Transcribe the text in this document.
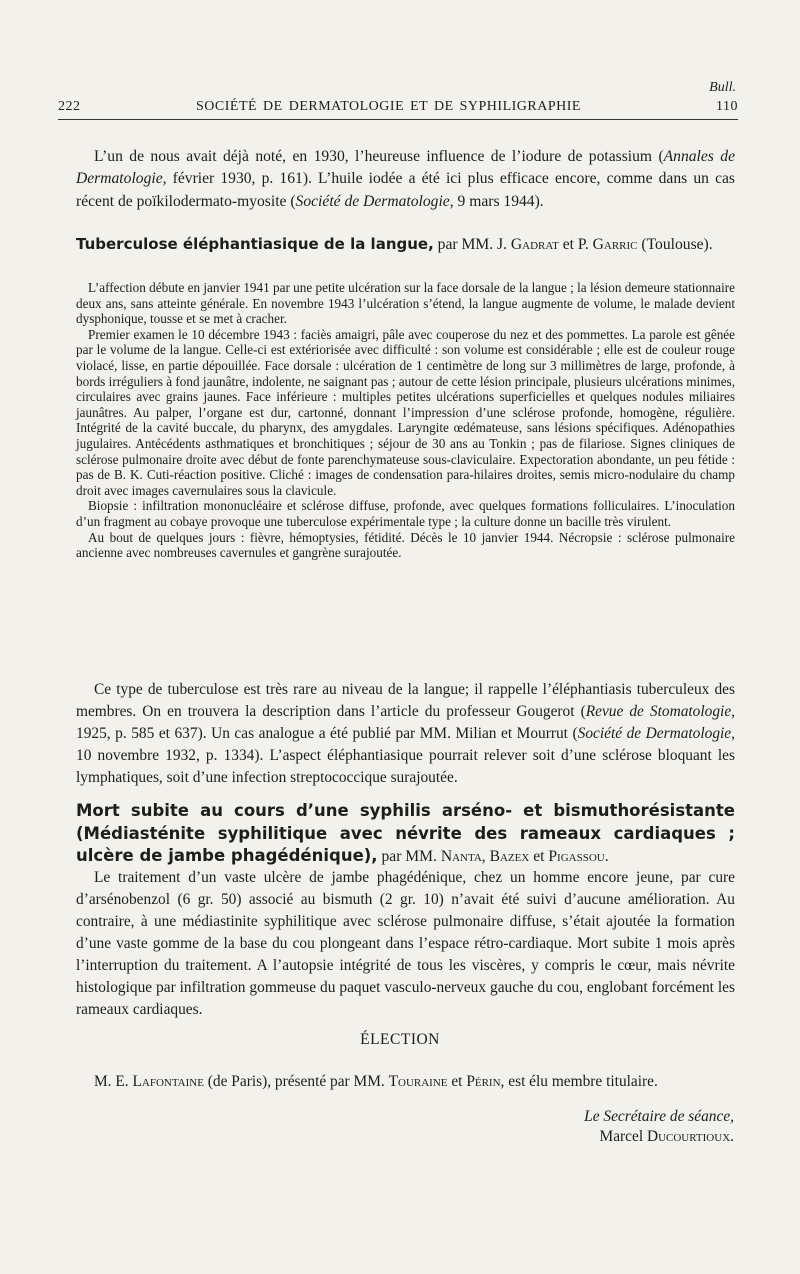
Bull.
222	SOCIÉTÉ DE DERMATOLOGIE ET DE SYPHILIGRAPHIE	110

L’un de nous avait déjà noté, en 1930, l’heureuse influence de l’iodure de potassium (Annales de Dermatologie, février 1930, p. 161). L’huile iodée a été ici plus efficace encore, comme dans un cas récent de poïkilodermato-myosite (Société de Dermatologie, 9 mars 1944).

Tuberculose éléphantiasique de la langue, par MM. J. Gadrat et P. Garric (Toulouse).

L’affection débute en janvier 1941 par une petite ulcération sur la face dorsale de la langue ; la lésion demeure stationnaire deux ans, sans atteinte générale. En novembre 1943 l’ulcération s’étend, la langue augmente de volume, le malade devient dysphonique, tousse et se met à cracher.

Premier examen le 10 décembre 1943 : faciès amaigri, pâle avec couperose du nez et des pommettes. La parole est gênée par le volume de la langue. Celle-ci est extériorisée avec difficulté : son volume est considérable ; elle est de couleur rouge violacé, lisse, en partie dépouillée. Face dorsale : ulcération de 1 centimètre de long sur 3 millimètres de large, profonde, à bords irréguliers à fond jaunâtre, indolente, ne saignant pas ; autour de cette lésion principale, plusieurs ulcérations minimes, circulaires avec grains jaunes. Face inférieure : multiples petites ulcérations superficielles et quelques nodules miliaires jaunâtres. Au palper, l’organe est dur, cartonné, donnant l’impression d’une sclérose profonde, homogène, régulière. Intégrité de la cavité buccale, du pharynx, des amygdales. Laryngite œdémateuse, sans lésions spécifiques. Adénopathies jugulaires. Antécédents asthmatiques et bronchitiques ; séjour de 30 ans au Tonkin ; pas de filariose. Signes cliniques de sclérose pulmonaire droite avec début de fonte parenchymateuse sous-claviculaire. Expectoration abondante, un peu fétide : pas de B. K. Cuti-réaction positive. Cliché : images de condensation para-hilaires droites, semis micro-nodulaire du champ droit avec images cavernulaires sous la clavicule.

Biopsie : infiltration mononucléaire et sclérose diffuse, profonde, avec quelques formations folliculaires. L’inoculation d’un fragment au cobaye provoque une tuberculose expérimentale type ; la culture donne un bacille très virulent.

Au bout de quelques jours : fièvre, hémoptysies, fétidité. Décès le 10 janvier 1944. Nécropsie : sclérose pulmonaire ancienne avec nombreuses cavernules et gangrène surajoutée.

Ce type de tuberculose est très rare au niveau de la langue; il rappelle l’éléphantiasis tuberculeux des membres. On en trouvera la description dans l’article du professeur Gougerot (Revue de Stomatologie, 1925, p. 585 et 637). Un cas analogue a été publié par MM. Milian et Mourrut (Société de Dermatologie, 10 novembre 1932, p. 1334). L’aspect éléphantiasique pourrait relever soit d’une sclérose bloquant les lymphatiques, soit d’une infection streptococcique surajoutée.

Mort subite au cours d’une syphilis arséno- et bismuthorésistante (Médiasténite syphilitique avec névrite des rameaux cardiaques ; ulcère de jambe phagédénique), par MM. Nanta, Bazex et Pigassou.

Le traitement d’un vaste ulcère de jambe phagédénique, chez un homme encore jeune, par cure d’arsénobenzol (6 gr. 50) associé au bismuth (2 gr. 10) n’avait été suivi d’aucune amélioration. Au contraire, à une médiastinite syphilitique avec sclérose pulmonaire diffuse, s’était ajoutée la formation d’une vaste gomme de la base du cou plongeant dans l’espace rétro-cardiaque. Mort subite 1 mois après l’interruption du traitement. A l’autopsie intégrité de tous les viscères, y compris le cœur, mais névrite histologique par infiltration gommeuse du paquet vasculo-nerveux gauche du cou, englobant forcément les rameaux cardiaques.

ÉLECTION

M. E. Lafontaine (de Paris), présenté par MM. Touraine et Périn, est élu membre titulaire.

Le Secrétaire de séance,
Marcel Ducourtioux.
